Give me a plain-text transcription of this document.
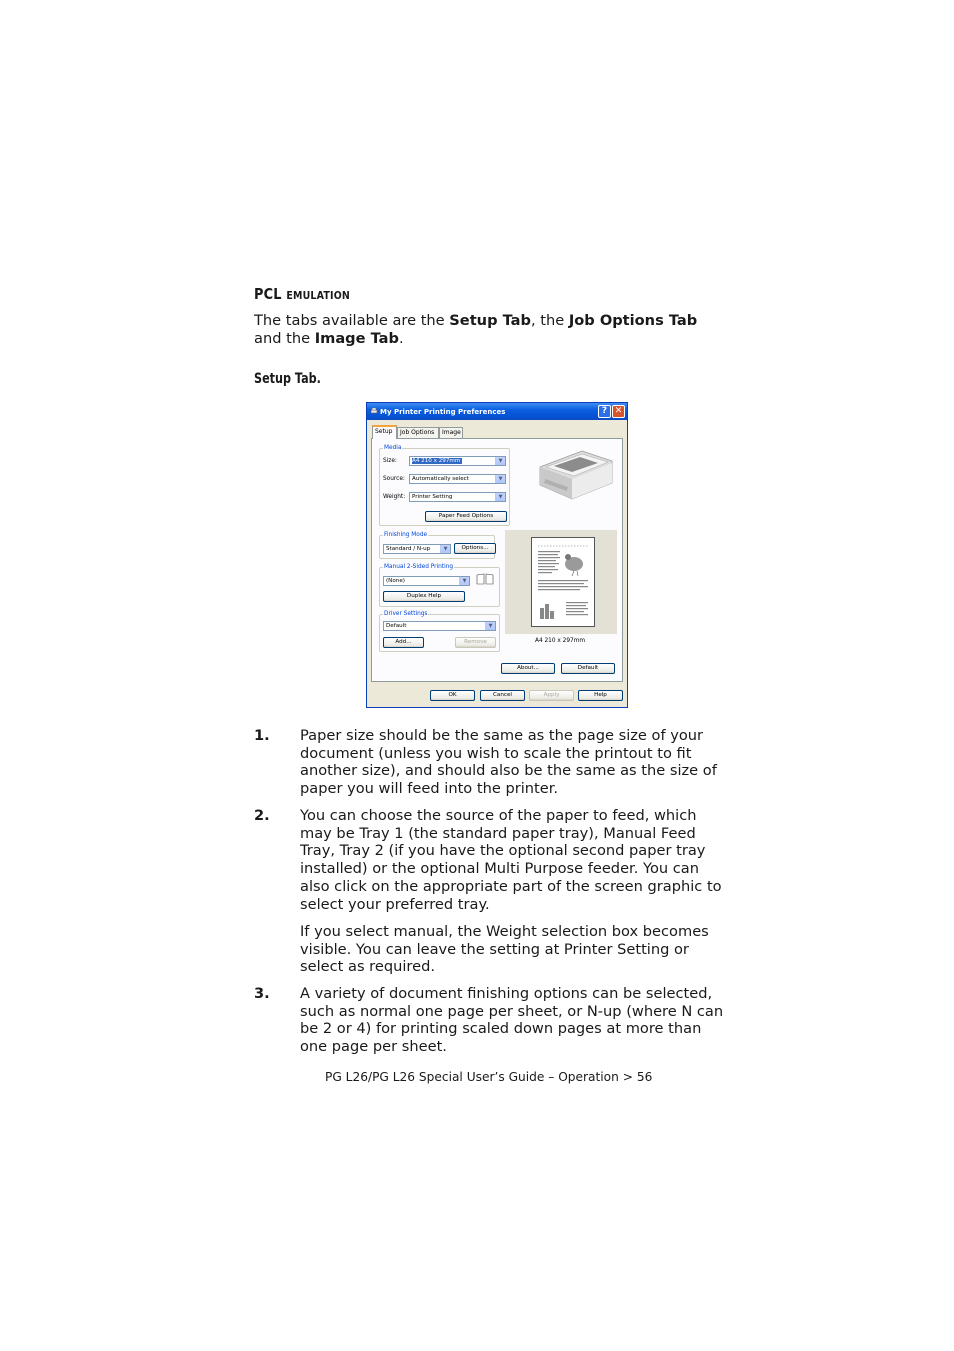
PCL EMULATION
The tabs available are the Setup Tab, the Job Options Tab and the Image Tab.
Setup Tab.
My Printer Printing Preferences	? ✕
Setup	Job Options	Image
Media
Size:	A4 210 x 297mm	▼
Source:	Automatically select	▼
Weight:	Printer Setting	▼
Paper Feed Options
Finishing Mode
Standard / N-up	▼	Options...
Manual 2-Sided Printing
(None)	▼
Duplex Help
Driver Settings
Default	▼
Add...	Remove	A4 210 x 297mm
About...	Default
OK	Cancel	Apply	Help
1. Paper size should be the same as the page size of your document (unless you wish to scale the printout to fit another size), and should also be the same as the size of paper you will feed into the printer.
2. You can choose the source of the paper to feed, which may be Tray 1 (the standard paper tray), Manual Feed Tray, Tray 2 (if you have the optional second paper tray installed) or the optional Multi Purpose feeder. You can also click on the appropriate part of the screen graphic to select your preferred tray.
If you select manual, the Weight selection box becomes visible. You can leave the setting at Printer Setting or select as required.
3. A variety of document finishing options can be selected, such as normal one page per sheet, or N-up (where N can be 2 or 4) for printing scaled down pages at more than one page per sheet.
PG L26/PG L26 Special User’s Guide – Operation > 56
